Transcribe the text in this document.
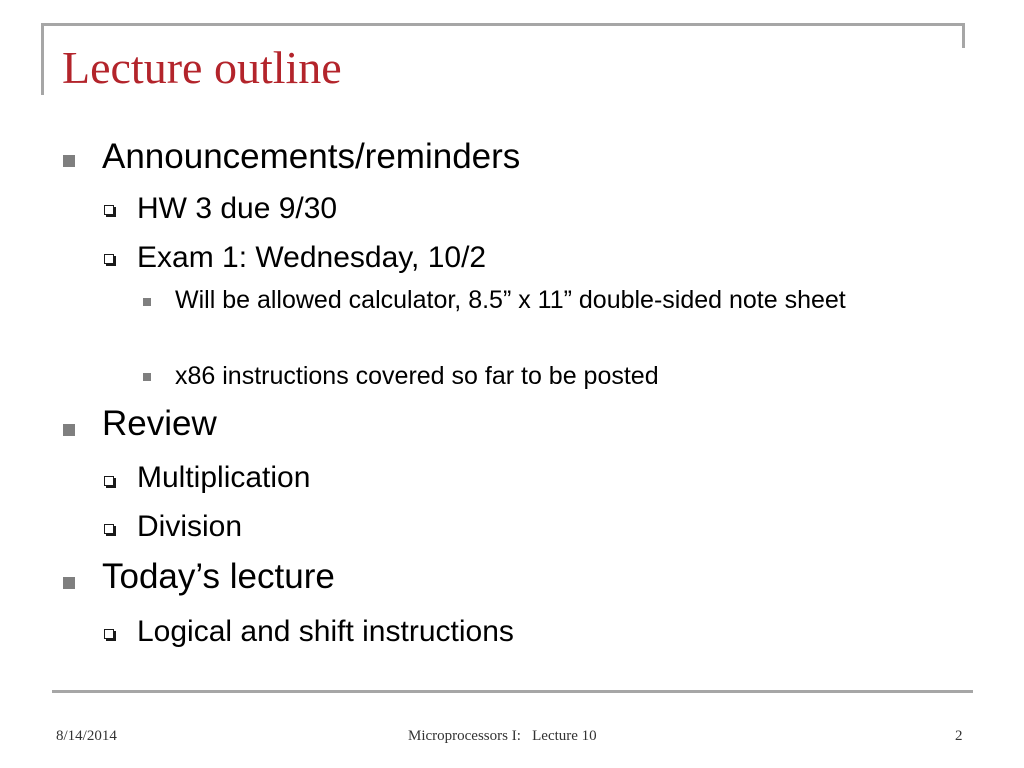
Lecture outline
Announcements/reminders
HW 3 due 9/30
Exam 1: Wednesday, 10/2
Will be allowed calculator, 8.5” x 11” double-sided note sheet
x86 instructions covered so far to be posted
Review
Multiplication
Division
Today’s lecture
Logical and shift instructions
8/14/2014	Microprocessors I:   Lecture 10	2
